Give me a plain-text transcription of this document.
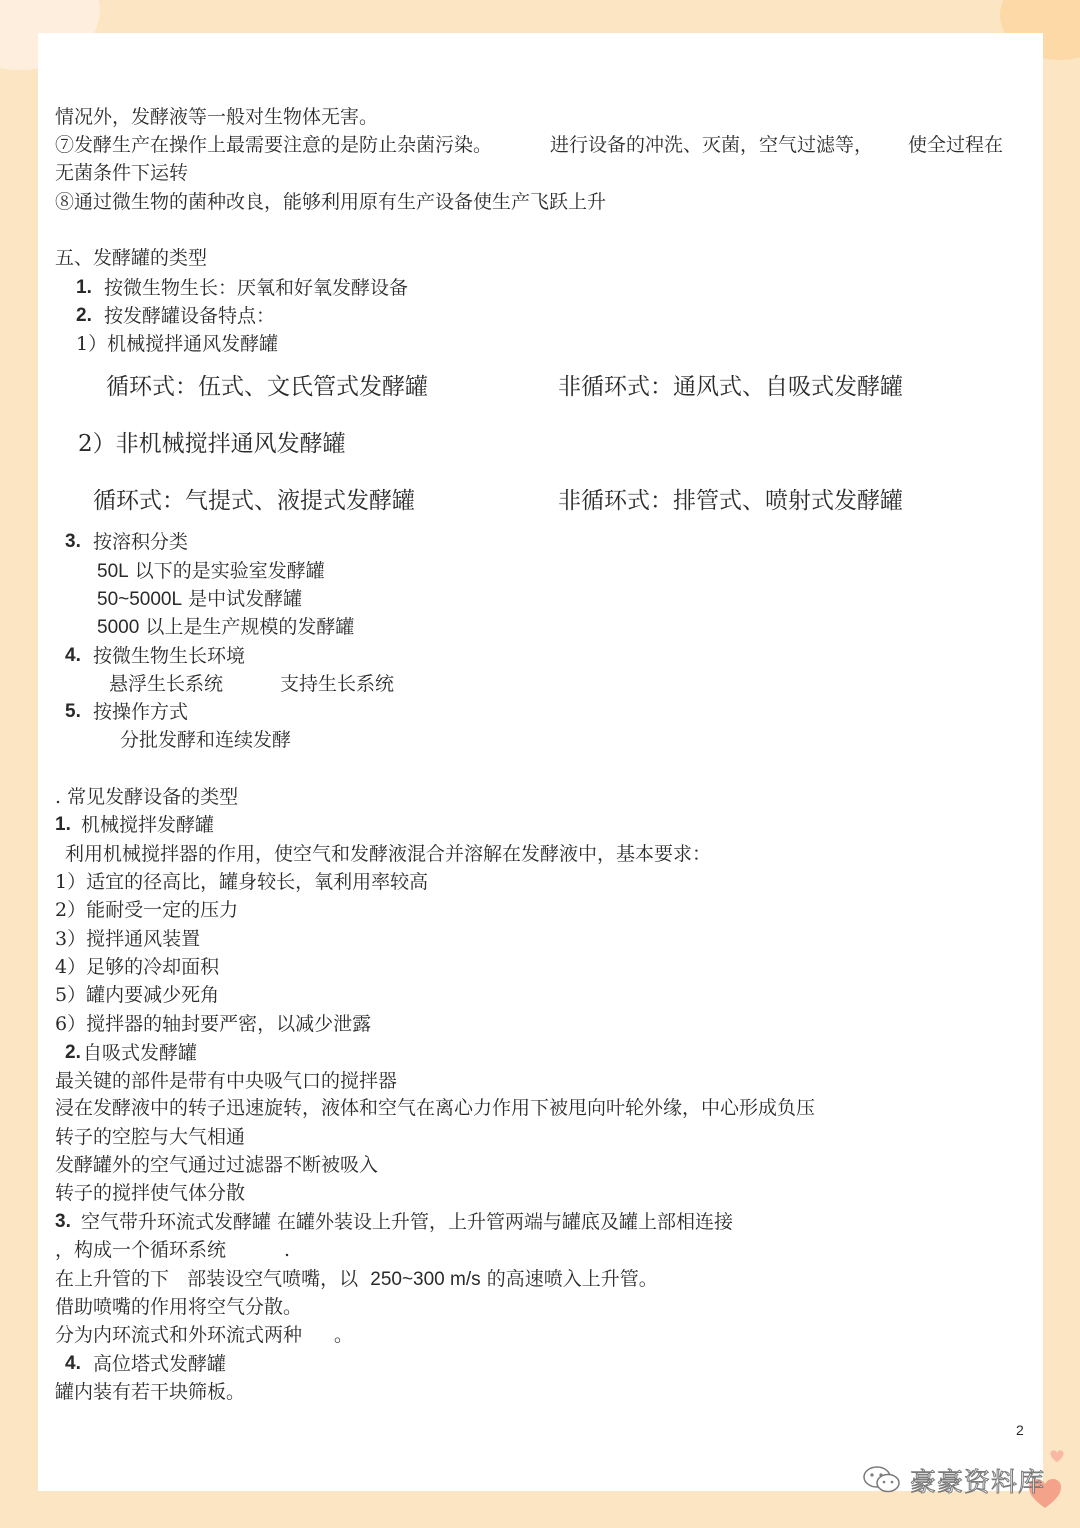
情况外，发酵液等一般对生物体无害。
⑦发酵生产在操作上最需要注意的是防止杂菌污染。	进行设备的冲洗、灭菌，空气过滤等， 使全过程在
无菌条件下运转
⑧通过微生物的菌种改良，能够利用原有生产设备使生产飞跃上升
五、发酵罐的类型
1. 按微生物生长：厌氧和好氧发酵设备
2. 按发酵罐设备特点：
1）机械搅拌通风发酵罐
循环式：伍式、文氏管式发酵罐	非循环式：通风式、自吸式发酵罐
2）非机械搅拌通风发酵罐
循环式：气提式、液提式发酵罐	非循环式：排管式、喷射式发酵罐
3. 按溶积分类
50L 以下的是实验室发酵罐
50~5000L 是中试发酵罐
5000 以上是生产规模的发酵罐
4. 按微生物生长环境
悬浮生长系统	支持生长系统
5. 按操作方式
分批发酵和连续发酵
. 常见发酵设备的类型
1. 机械搅拌发酵罐
利用机械搅拌器的作用，使空气和发酵液混合并溶解在发酵液中，基本要求：
1）适宜的径高比，罐身较长，氧利用率较高
2）能耐受一定的压力
3）搅拌通风装置
4）足够的冷却面积
5）罐内要减少死角
6）搅拌器的轴封要严密，以减少泄露
2. 自吸式发酵罐
最关键的部件是带有中央吸气口的搅拌器
浸在发酵液中的转子迅速旋转，液体和空气在离心力作用下被甩向叶轮外缘，中心形成负压
转子的空腔与大气相通
发酵罐外的空气通过过滤器不断被吸入
转子的搅拌使气体分散
3. 空气带升环流式发酵罐 在罐外装设上升管，上升管两端与罐底及罐上部相连接
，构成一个循环系统	.
在上升管的下 部装设空气喷嘴，以 250~300 m/s 的高速喷入上升管。
借助喷嘴的作用将空气分散。
分为内环流式和外环流式两种 。
4. 高位塔式发酵罐
罐内装有若干块筛板。
2
豪豪资料库
